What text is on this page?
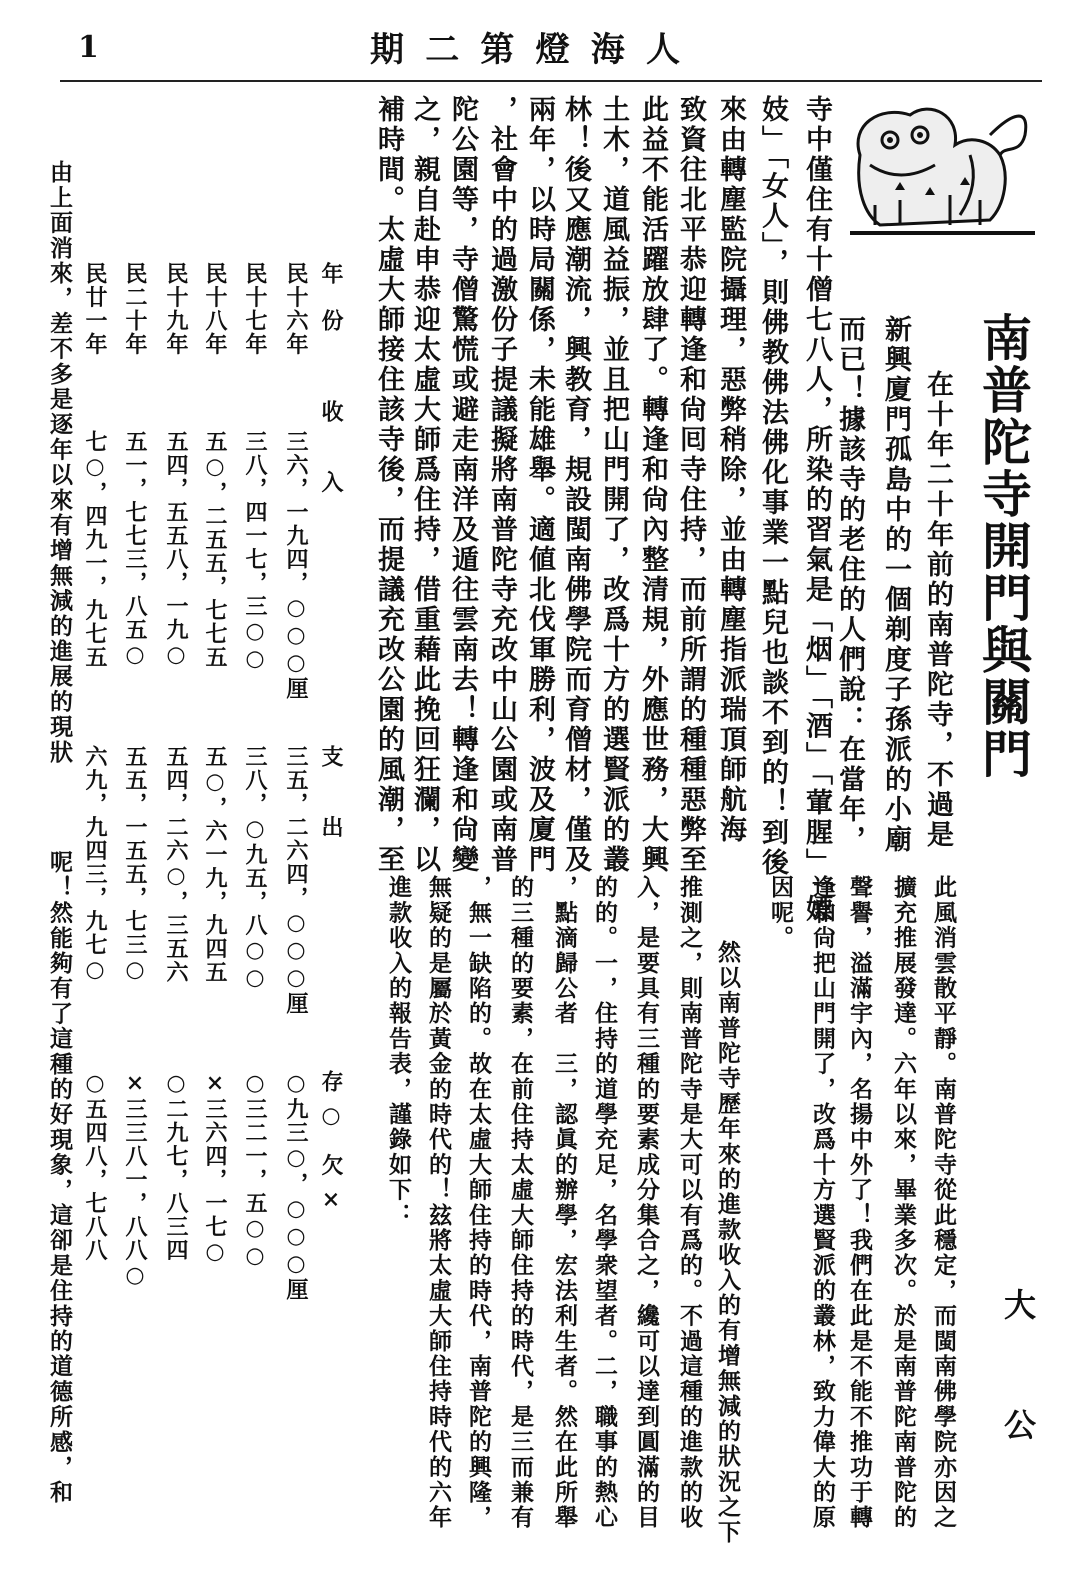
1	人
海
燈
第
二
期
南普陀寺開門與關門
大
公
在十年二十年前的南普陀寺，不過是
新興廈門孤島中的一個剃度子孫派的小廟
而已！據該寺的老住的人們說：在當年，
寺中僅住有十僧七八人，所染的習氣是「烟」「酒」「葷腥」「嫖
妓」「女人」，則佛教佛法佛化事業一點兒也談不到的！到後
來由轉塵監院攝理，惡弊稍除，並由轉塵指派瑞頂師航海
致資往北平恭迎轉逢和尙囘寺住持，而前所謂的種種惡弊至
此益不能活躍放肆了。轉逢和尙內整清規，外應世務，大興
土木，道風益振，並且把山門開了，改爲十方的選賢派的叢
林！後又應潮流，興教育，規設閩南佛學院而育僧材，僅及
兩年，以時局關係，未能雄舉。適値北伐軍勝利，波及廈門
，社會中的過激份子提議擬將南普陀寺充改中山公園或南普
陀公園等，寺僧驚慌或避走南洋及遁往雲南去！轉逢和尙變
之，親自赴申恭迎太虛大師爲住持，借重藉此挽回狂瀾，以
補時間。太虛大師接住該寺後，而提議充改公園的風潮，至
此風消雲散平靜。南普陀寺從此穩定，而閩南佛學院亦因之
擴充推展發達。六年以來，畢業多次。於是南普陀南普陀的
聲譽，溢滿宇內，名揚中外了！我們在此是不能不推功于轉
逢和尙把山門開了，改爲十方選賢派的叢林，致力偉大的原
因呢。
然以南普陀寺歷年來的進款收入的有增無減的狀況之下
推測之，則南普陀寺是大可以有爲的。不過這種的進款的收
入，是要具有三種的要素成分集合之，纔可以達到圓滿的目
的的。一，住持的道學充足，名學衆望者。二，職事的熱心
，點滴歸公者　三，認眞的辦學，宏法利生者。然在此所舉
的三種的要素，在前住持太虛大師住持的時代，是三而兼有
，無一缺陷的。故在太虛大師住持的時代，南普陀的興隆，
無疑的是屬於黃金的時代的！玆將太虛大師住持時代的六年
進款收入的報告表，謹錄如下：
年　份
收　　入
支　　出
存 ○　欠 ×
民十六年
三六，一九四，○○○厘
三五，二六四，○○○厘
○九三○，○○○厘
民十七年
三八，四一七，三○○
三八，○九五，八○○
○三二一，五○○
民十八年
五○，二五五，七七五
五○，六一九，九四五
×三六四，一七○
民十九年
五四，五五八，一九○
五四，二六○，三五六
○二九七，八三四
民二十年
五一，七七三，八五○
五五，一五五，七三○
×三三八一，八八○
民廿一年
七○，四九一，九七五
六九，九四三，九七○
○五四八，七八八
由上面消來，差不多是逐年以來有增無減的進展的現狀
呢！然能夠有了這種的好現象，這卻是住持的道德所感，和
